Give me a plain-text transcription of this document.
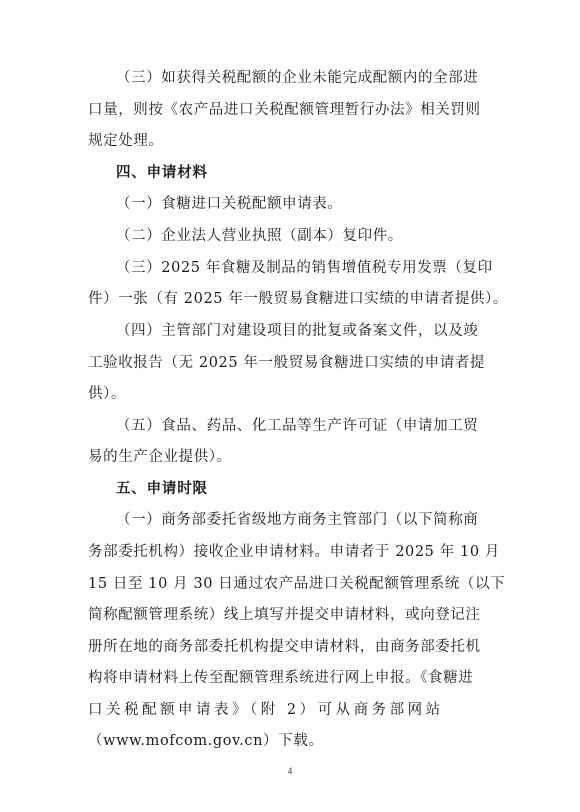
（三）如获得关税配额的企业未能完成配额内的全部进
口量，则按《农产品进口关税配额管理暂行办法》相关罚则
规定处理。
四、申请材料
（一）食糖进口关税配额申请表。
（二）企业法人营业执照（副本）复印件。
（三）2025 年食糖及制品的销售增值税专用发票（复印
件）一张（有 2025 年一般贸易食糖进口实绩的申请者提供）。
（四）主管部门对建设项目的批复或备案文件，以及竣
工验收报告（无 2025 年一般贸易食糖进口实绩的申请者提
供）。
（五）食品、药品、化工品等生产许可证（申请加工贸
易的生产企业提供）。
五、申请时限
（一）商务部委托省级地方商务主管部门（以下简称商
务部委托机构）接收企业申请材料。申请者于 2025 年 10 月
15 日至 10 月 30 日通过农产品进口关税配额管理系统（以下
简称配额管理系统）线上填写并提交申请材料，或向登记注
册所在地的商务部委托机构提交申请材料，由商务部委托机
构将申请材料上传至配额管理系统进行网上申报。《食糖进
口关税配额申请表》（附 2）可从商务部网站
（www.mofcom.gov.cn）下载。
4
